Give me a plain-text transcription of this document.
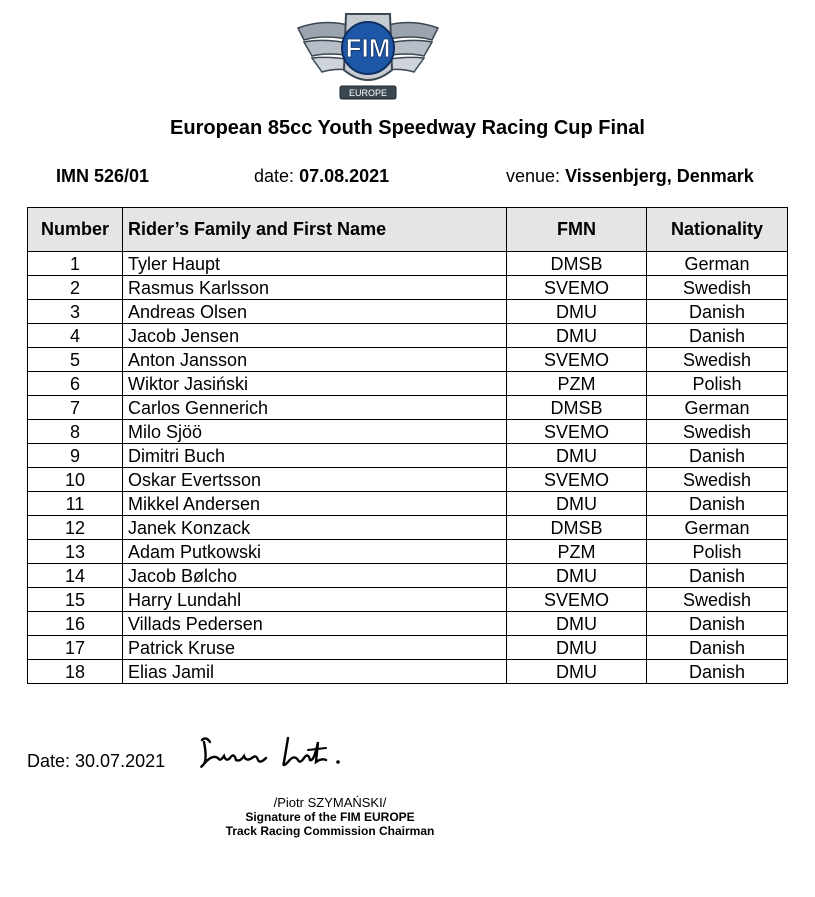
FIM
EUROPE
European 85cc Youth Speedway Racing Cup Final
IMN 526/01	date: 07.08.2021	venue: Vissenbjerg, Denmark
Number	Rider’s Family and First Name	FMN	Nationality
1	Tyler Haupt	DMSB	German
2	Rasmus Karlsson	SVEMO	Swedish
3	Andreas Olsen	DMU	Danish
4	Jacob Jensen	DMU	Danish
5	Anton Jansson	SVEMO	Swedish
6	Wiktor Jasiński	PZM	Polish
7	Carlos Gennerich	DMSB	German
8	Milo Sjöö	SVEMO	Swedish
9	Dimitri Buch	DMU	Danish
10	Oskar Evertsson	SVEMO	Swedish
11	Mikkel Andersen	DMU	Danish
12	Janek Konzack	DMSB	German
13	Adam Putkowski	PZM	Polish
14	Jacob Bølcho	DMU	Danish
15	Harry Lundahl	SVEMO	Swedish
16	Villads Pedersen	DMU	Danish
17	Patrick Kruse	DMU	Danish
18	Elias Jamil	DMU	Danish
Date: 30.07.2021
/Piotr SZYMAŃSKI/
Signature of the FIM EUROPE
Track Racing Commission Chairman
